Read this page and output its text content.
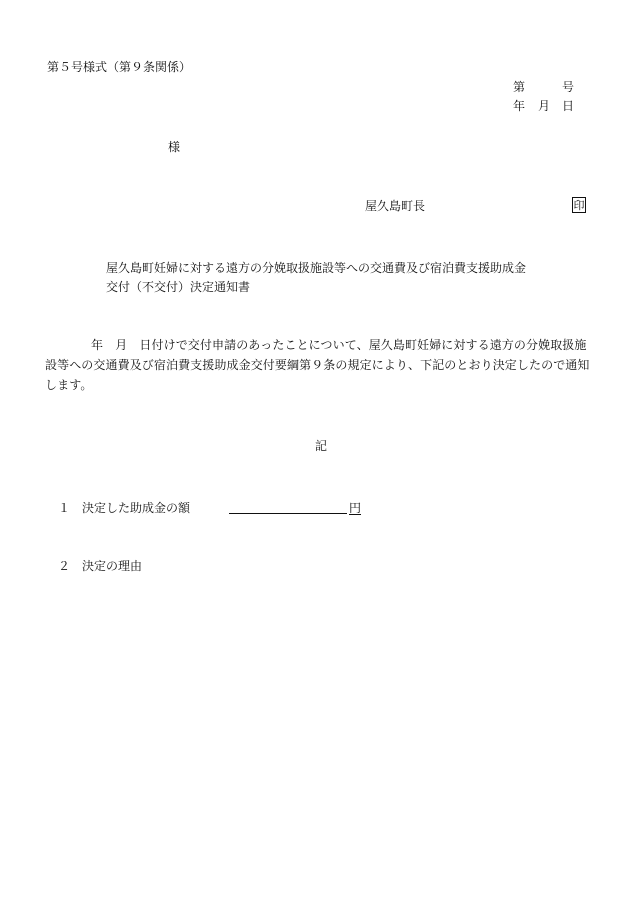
第５号様式（第９条関係）
第	号
年 月 日
様
屋久島町長	印
屋久島町妊婦に対する遠方の分娩取扱施設等への交通費及び宿泊費支援助成金
交付（不交付）決定通知書
年　月　日付けで交付申請のあったことについて、屋久島町妊婦に対する遠方の分娩取扱施設等への交通費及び宿泊費支援助成金交付要綱第９条の規定により、下記のとおり決定したので通知します。
記
１ 決定した助成金の額	円
２ 決定の理由
